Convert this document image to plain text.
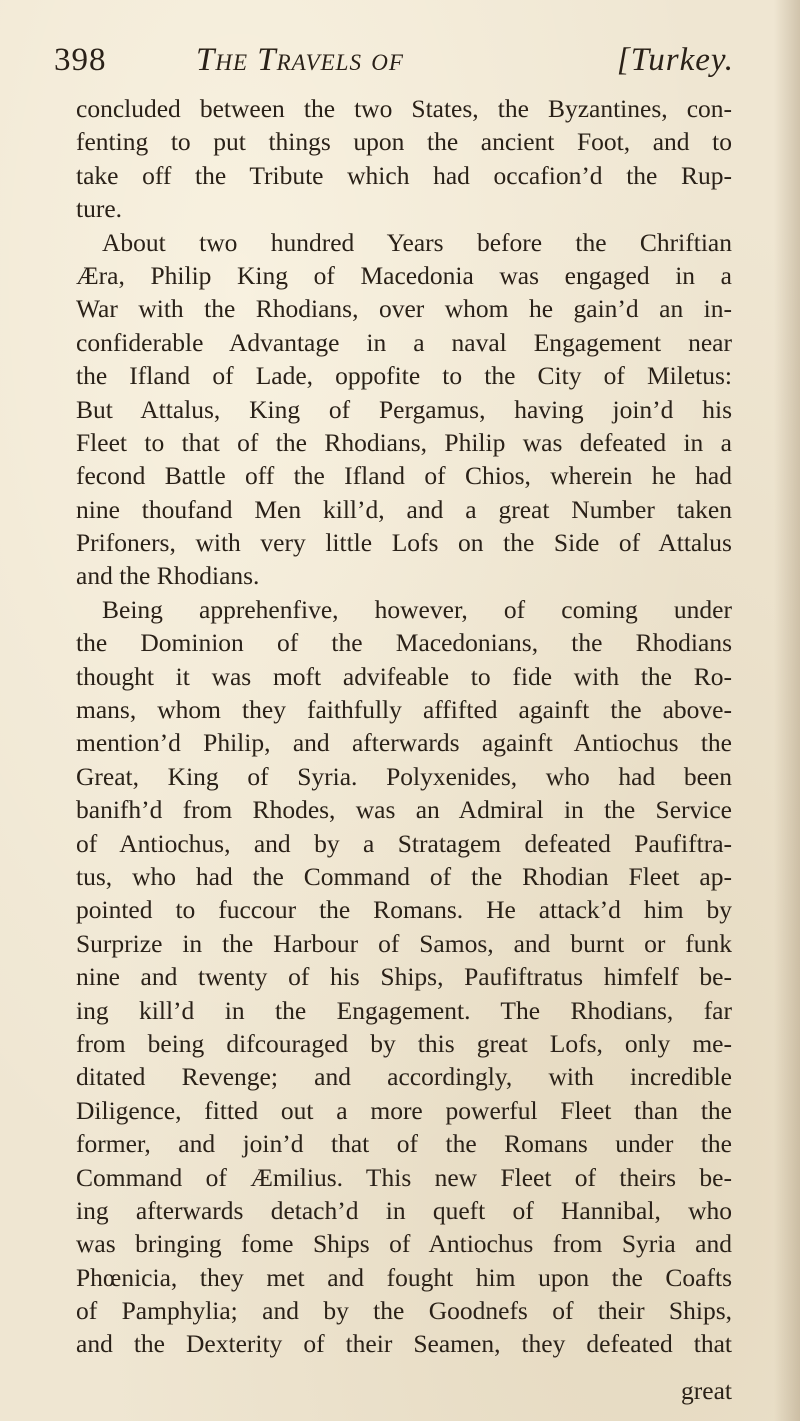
398	The Travels of	[Turkey.
concluded between the two States, the Byzantines, con-
fenting to put things upon the ancient Foot, and to
take off the Tribute which had occafion’d the Rup-
ture.
About two hundred Years before the Chriftian
Æra, Philip King of Macedonia was engaged in a
War with the Rhodians, over whom he gain’d an in-
confiderable Advantage in a naval Engagement near
the Ifland of Lade, oppofite to the City of Miletus:
But Attalus, King of Pergamus, having join’d his
Fleet to that of the Rhodians, Philip was defeated in a
fecond Battle off the Ifland of Chios, wherein he had
nine thoufand Men kill’d, and a great Number taken
Prifoners, with very little Lofs on the Side of Attalus
and the Rhodians.
Being apprehenfive, however, of coming under
the Dominion of the Macedonians, the Rhodians
thought it was moft advifeable to fide with the Ro-
mans, whom they faithfully affifted againft the above-
mention’d Philip, and afterwards againft Antiochus the
Great, King of Syria. Polyxenides, who had been
banifh’d from Rhodes, was an Admiral in the Service
of Antiochus, and by a Stratagem defeated Paufiftra-
tus, who had the Command of the Rhodian Fleet ap-
pointed to fuccour the Romans. He attack’d him by
Surprize in the Harbour of Samos, and burnt or funk
nine and twenty of his Ships, Paufiftratus himfelf be-
ing kill’d in the Engagement. The Rhodians, far
from being difcouraged by this great Lofs, only me-
ditated Revenge; and accordingly, with incredible
Diligence, fitted out a more powerful Fleet than the
former, and join’d that of the Romans under the
Command of Æmilius. This new Fleet of theirs be-
ing afterwards detach’d in queft of Hannibal, who
was bringing fome Ships of Antiochus from Syria and
Phœnicia, they met and fought him upon the Coafts
of Pamphylia; and by the Goodnefs of their Ships,
and the Dexterity of their Seamen, they defeated that
great
